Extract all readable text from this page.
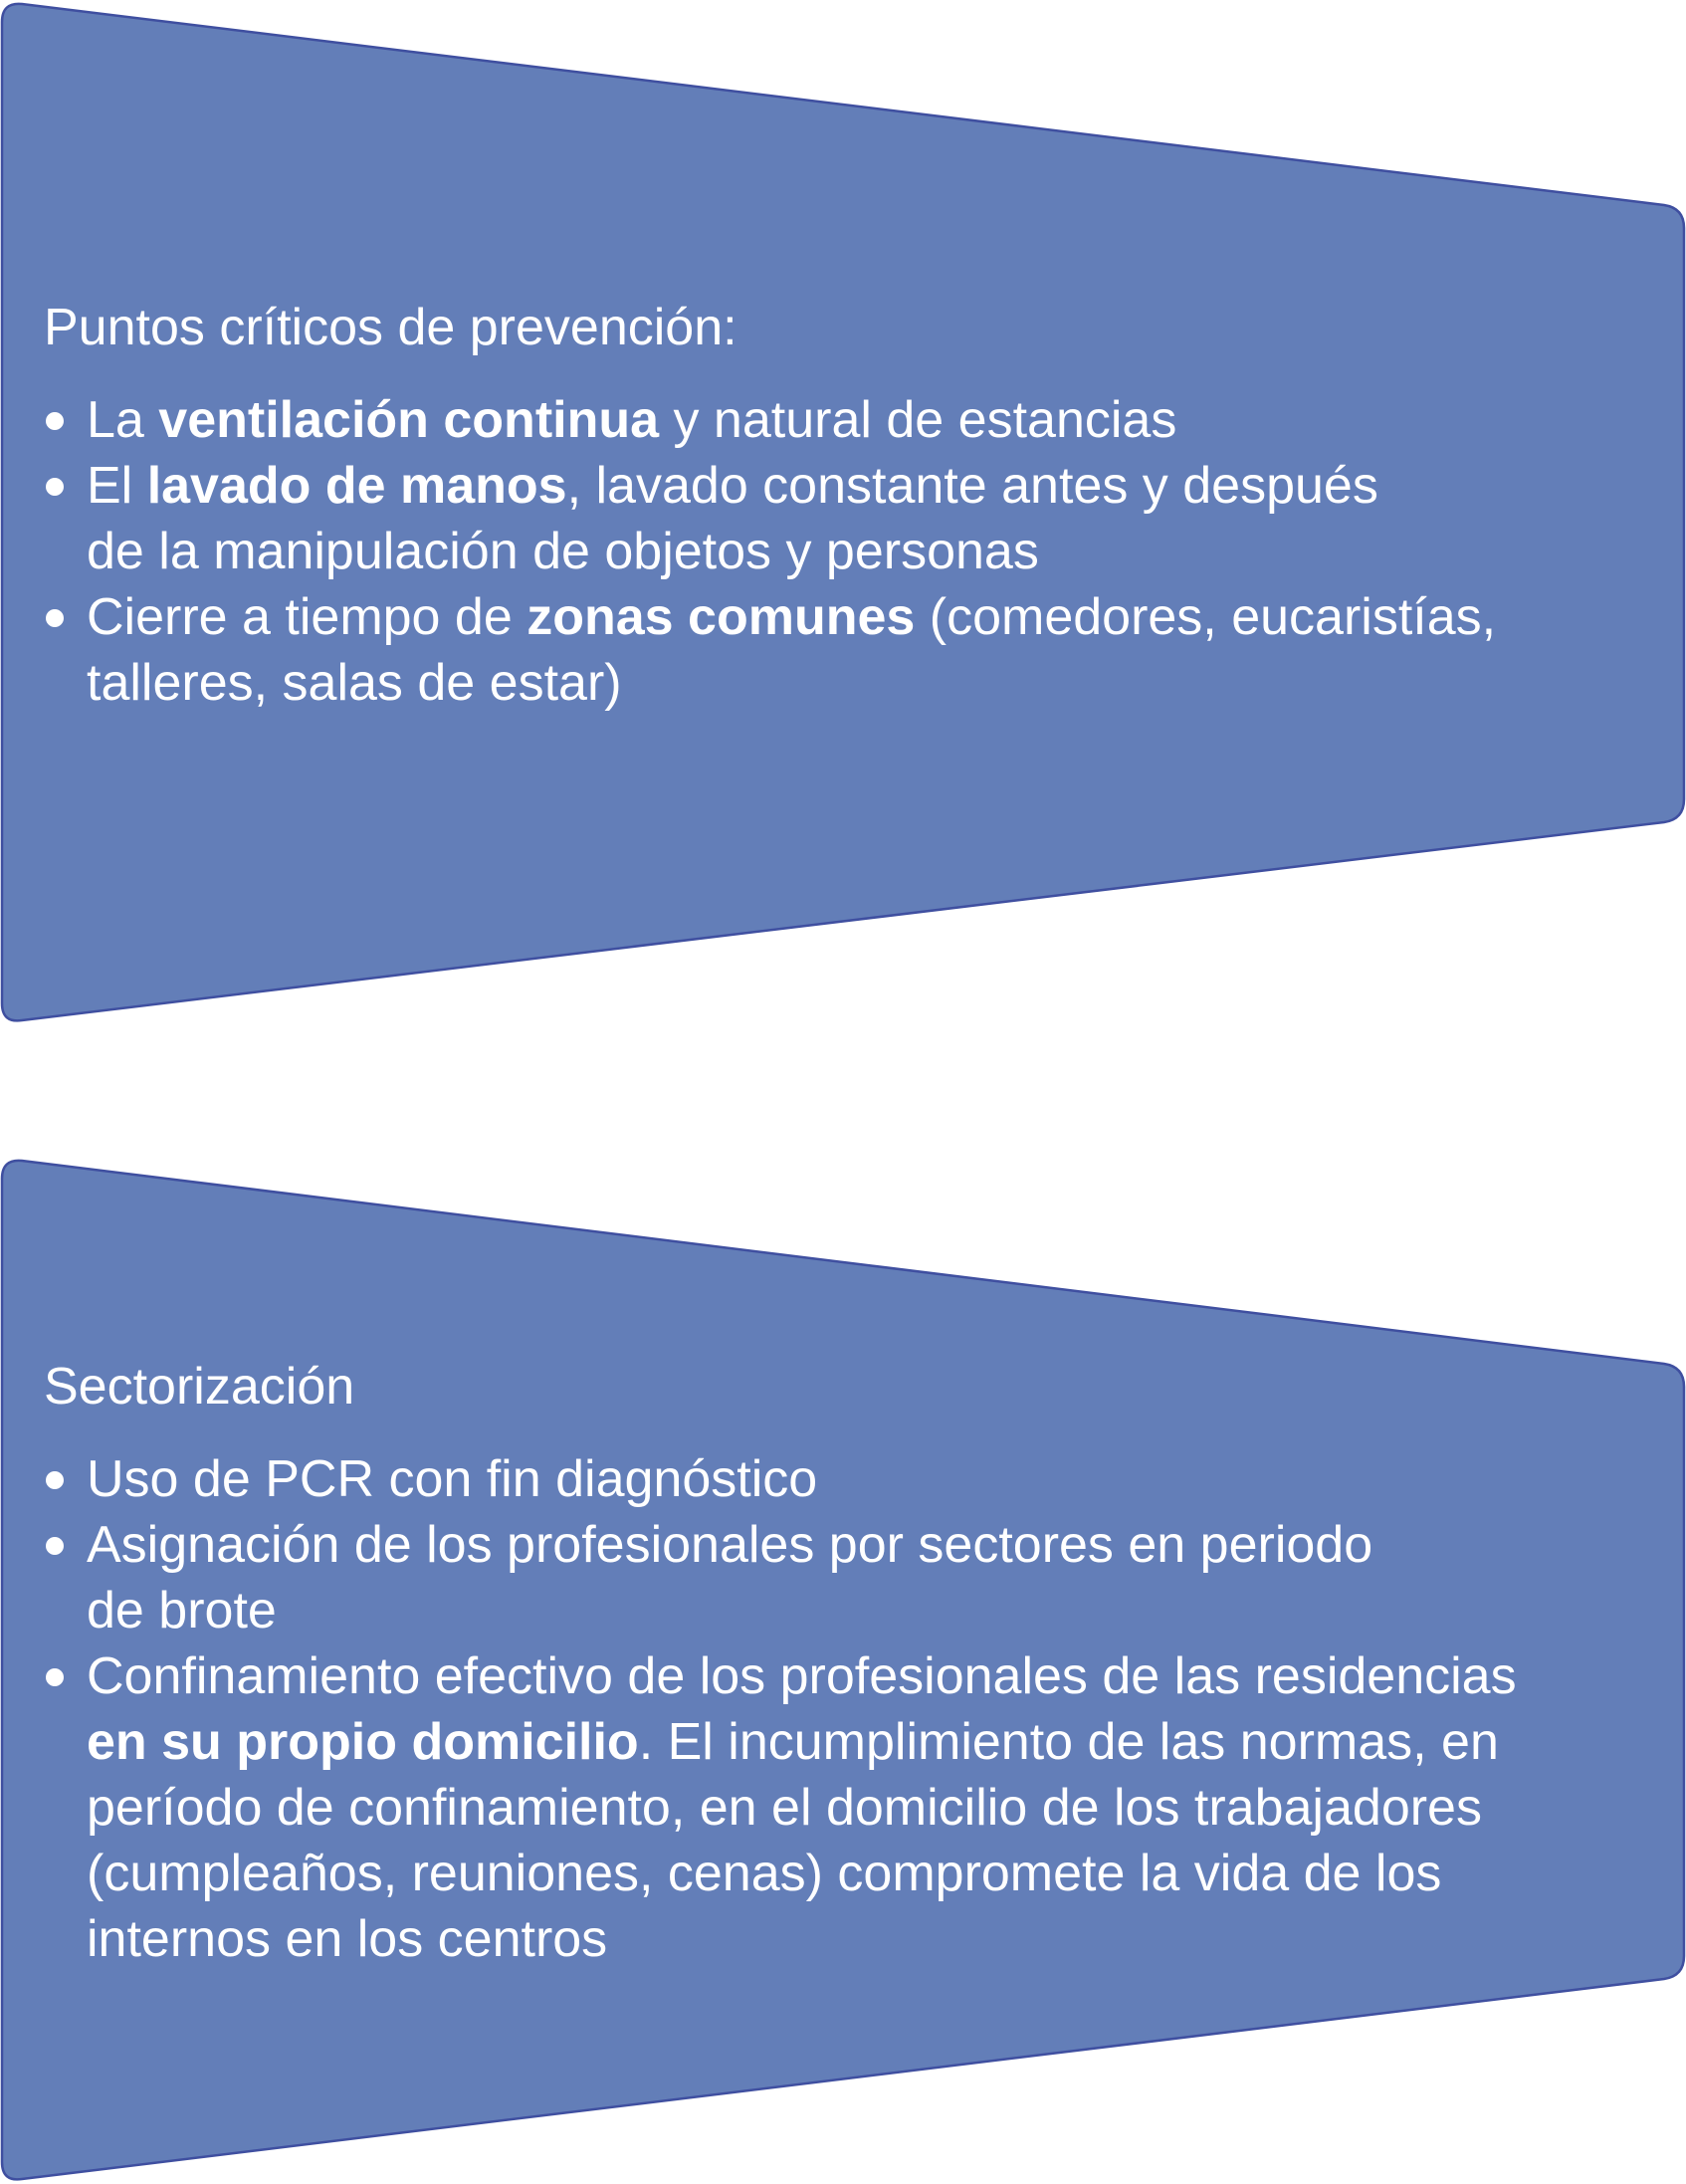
Puntos críticos de prevención:
La ventilación continua y natural de estancias
El lavado de manos, lavado constante antes y después
de la manipulación de objetos y personas
Cierre a tiempo de zonas comunes (comedores, eucaristías,
talleres, salas de estar)
Sectorización
Uso de PCR con fin diagnóstico
Asignación de los profesionales por sectores en periodo
de brote
Confinamiento efectivo de los profesionales de las residencias
en su propio domicilio. El incumplimiento de las normas, en
período de confinamiento, en el domicilio de los trabajadores
(cumpleaños, reuniones, cenas) compromete la vida de los
internos en los centros
